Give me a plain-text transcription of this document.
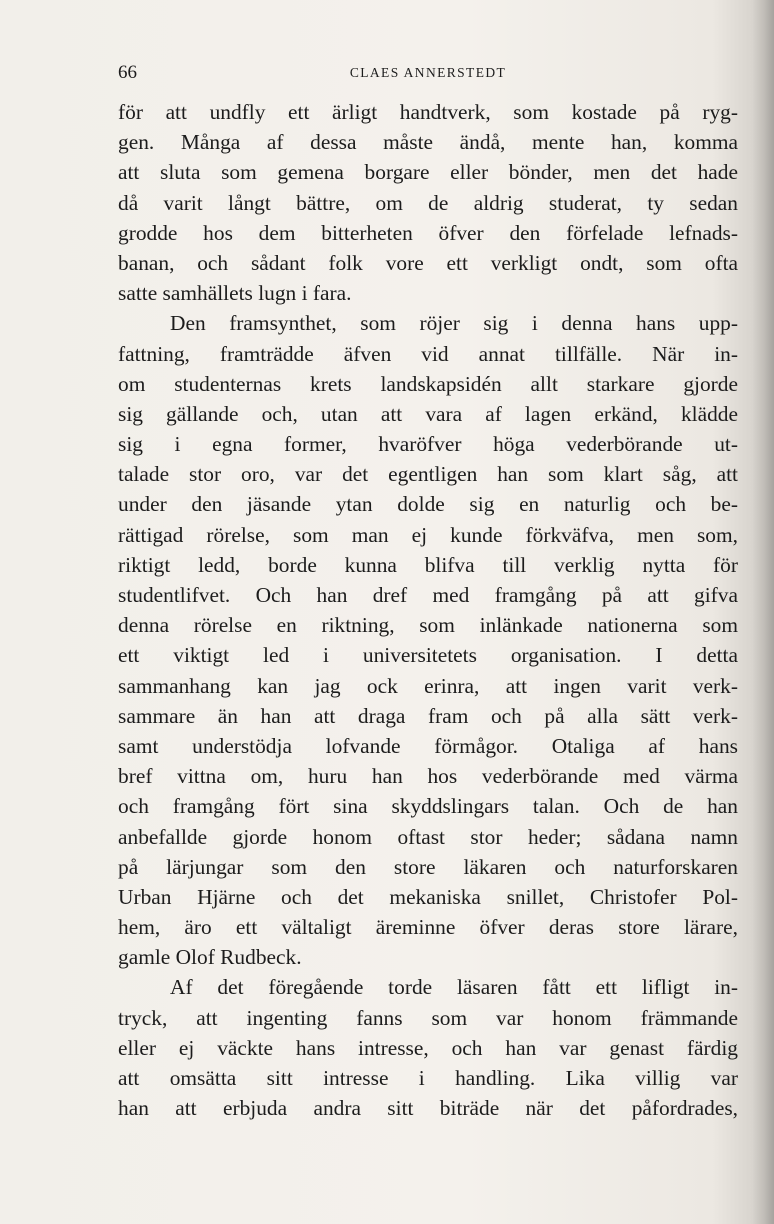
66	CLAES ANNERSTEDT
för att undfly ett ärligt handtverk, som kostade på ryg-
gen. Många af dessa måste ändå, mente han, komma
att sluta som gemena borgare eller bönder, men det hade
då varit långt bättre, om de aldrig studerat, ty sedan
grodde hos dem bitterheten öfver den förfelade lefnads-
banan, och sådant folk vore ett verkligt ondt, som ofta
satte samhällets lugn i fara.
Den framsynthet, som röjer sig i denna hans upp-
fattning, framträdde äfven vid annat tillfälle. När in-
om studenternas krets landskapsidén allt starkare gjorde
sig gällande och, utan att vara af lagen erkänd, klädde
sig i egna former, hvaröfver höga vederbörande ut-
talade stor oro, var det egentligen han som klart såg, att
under den jäsande ytan dolde sig en naturlig och be-
rättigad rörelse, som man ej kunde förkväfva, men som,
riktigt ledd, borde kunna blifva till verklig nytta för
studentlifvet. Och han dref med framgång på att gifva
denna rörelse en riktning, som inlänkade nationerna som
ett viktigt led i universitetets organisation. I detta
sammanhang kan jag ock erinra, att ingen varit verk-
sammare än han att draga fram och på alla sätt verk-
samt understödja lofvande förmågor. Otaliga af hans
bref vittna om, huru han hos vederbörande med värma
och framgång fört sina skyddslingars talan. Och de han
anbefallde gjorde honom oftast stor heder; sådana namn
på lärjungar som den store läkaren och naturforskaren
Urban Hjärne och det mekaniska snillet, Christofer Pol-
hem, äro ett vältaligt äreminne öfver deras store lärare,
gamle Olof Rudbeck.
Af det föregående torde läsaren fått ett lifligt in-
tryck, att ingenting fanns som var honom främmande
eller ej väckte hans intresse, och han var genast färdig
att omsätta sitt intresse i handling. Lika villig var
han att erbjuda andra sitt biträde när det påfordrades,
